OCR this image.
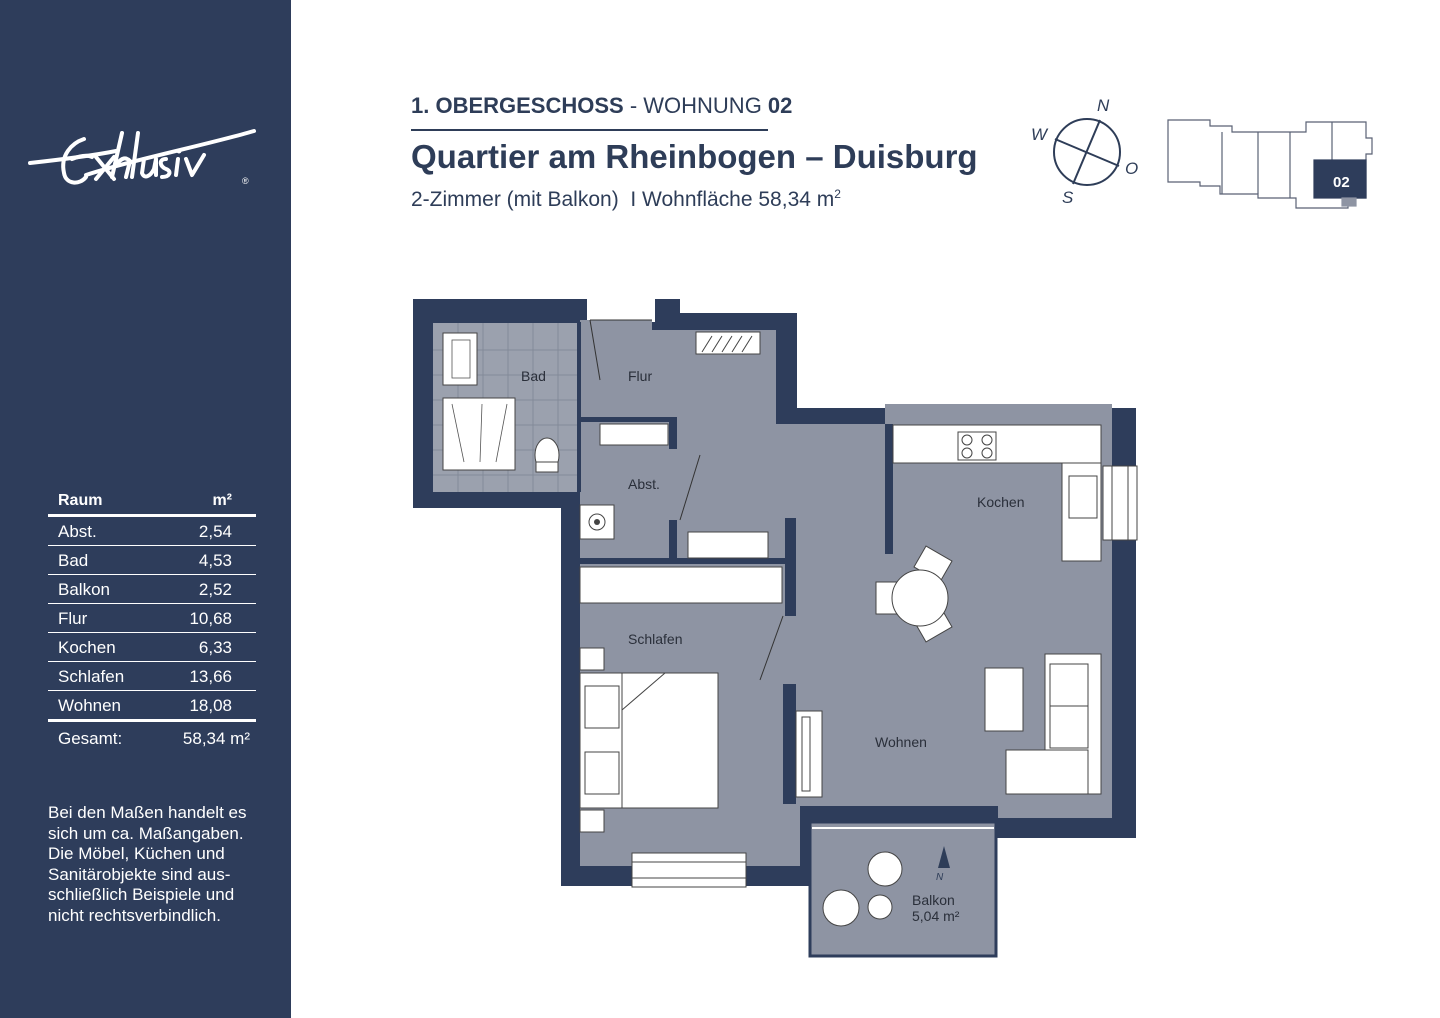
®
Raum	m²
Abst.	2,54
Bad	4,53
Balkon	2,52
Flur	10,68
Kochen	6,33
Schlafen	13,66
Wohnen	18,08
Gesamt:	58,34 m²
Bei den Maßen handelt es sich um ca. Maßangaben. Die Möbel, Küchen und Sanitärobjekte sind aus-schließlich Beispiele und nicht rechtsverbindlich.
1. OBERGESCHOSS - WOHNUNG 02
Quartier am Rheinbogen – Duisburg
2-Zimmer (mit Balkon)  I Wohnfläche 58,34 $m^2$
N
O
S
W
02
N
Bad	Flur
Abst.
Kochen
Schlafen
Wohnen
Balkon
5,04 m²
